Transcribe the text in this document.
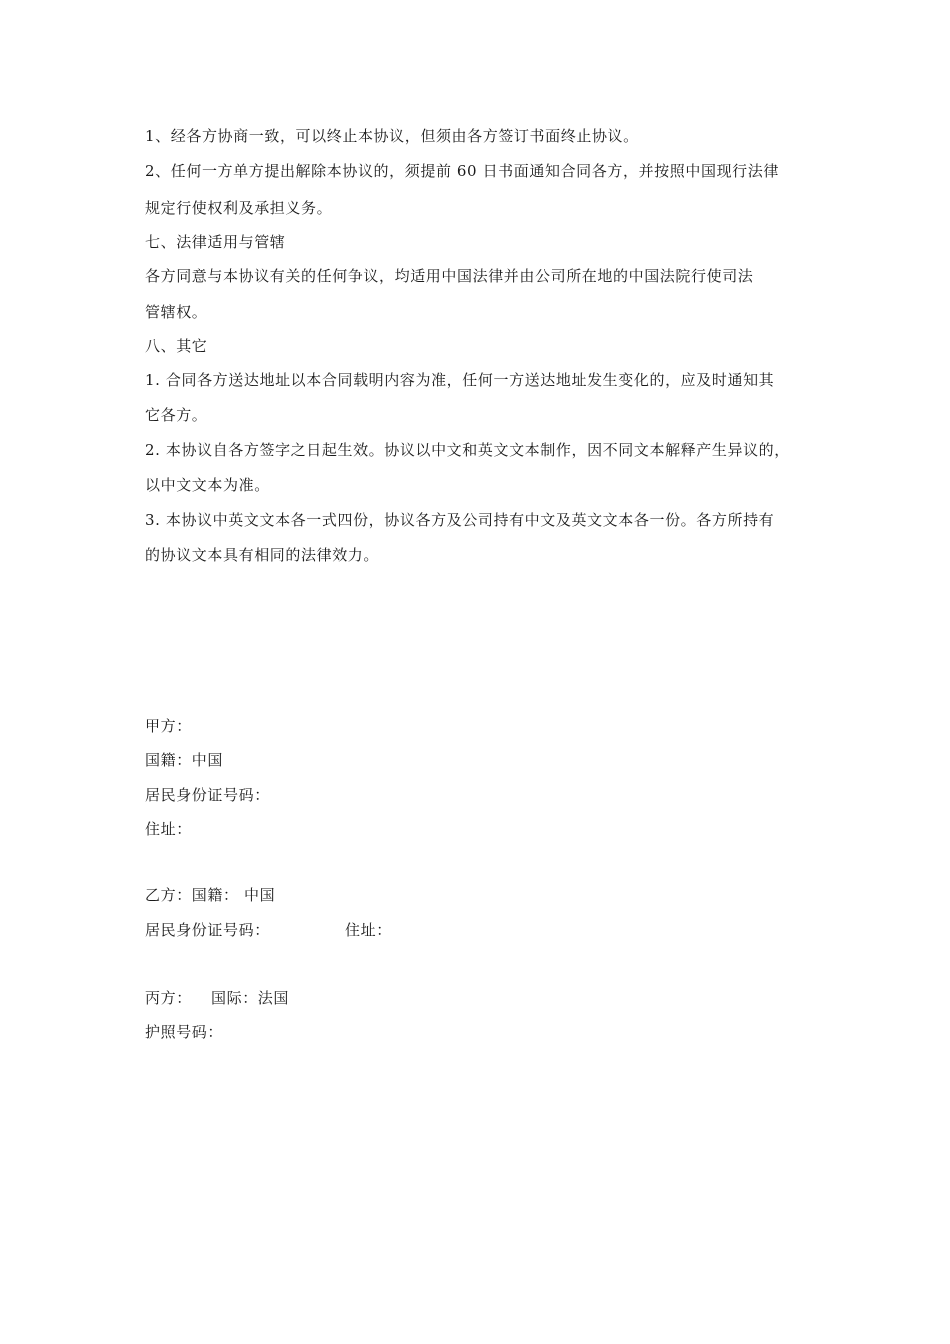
1、经各方协商一致，可以终止本协议，但须由各方签订书面终止协议。
2、任何一方单方提出解除本协议的，须提前 60 日书面通知合同各方，并按照中国现行法律
规定行使权利及承担义务。
七、法律适用与管辖
各方同意与本协议有关的任何争议，均适用中国法律并由公司所在地的中国法院行使司法
管辖权。
八、其它
1. 合同各方送达地址以本合同载明内容为准，任何一方送达地址发生变化的，应及时通知其
它各方。
2. 本协议自各方签字之日起生效。协议以中文和英文文本制作，因不同文本解释产生异议的，
以中文文本为准。
3. 本协议中英文文本各一式四份，协议各方及公司持有中文及英文文本各一份。各方所持有
的协议文本具有相同的法律效力。
甲方：
国籍：中国
居民身份证号码：
住址：
乙方：国籍： 中国
居民身份证号码：	住址：
丙方： 国际：法国
护照号码：
